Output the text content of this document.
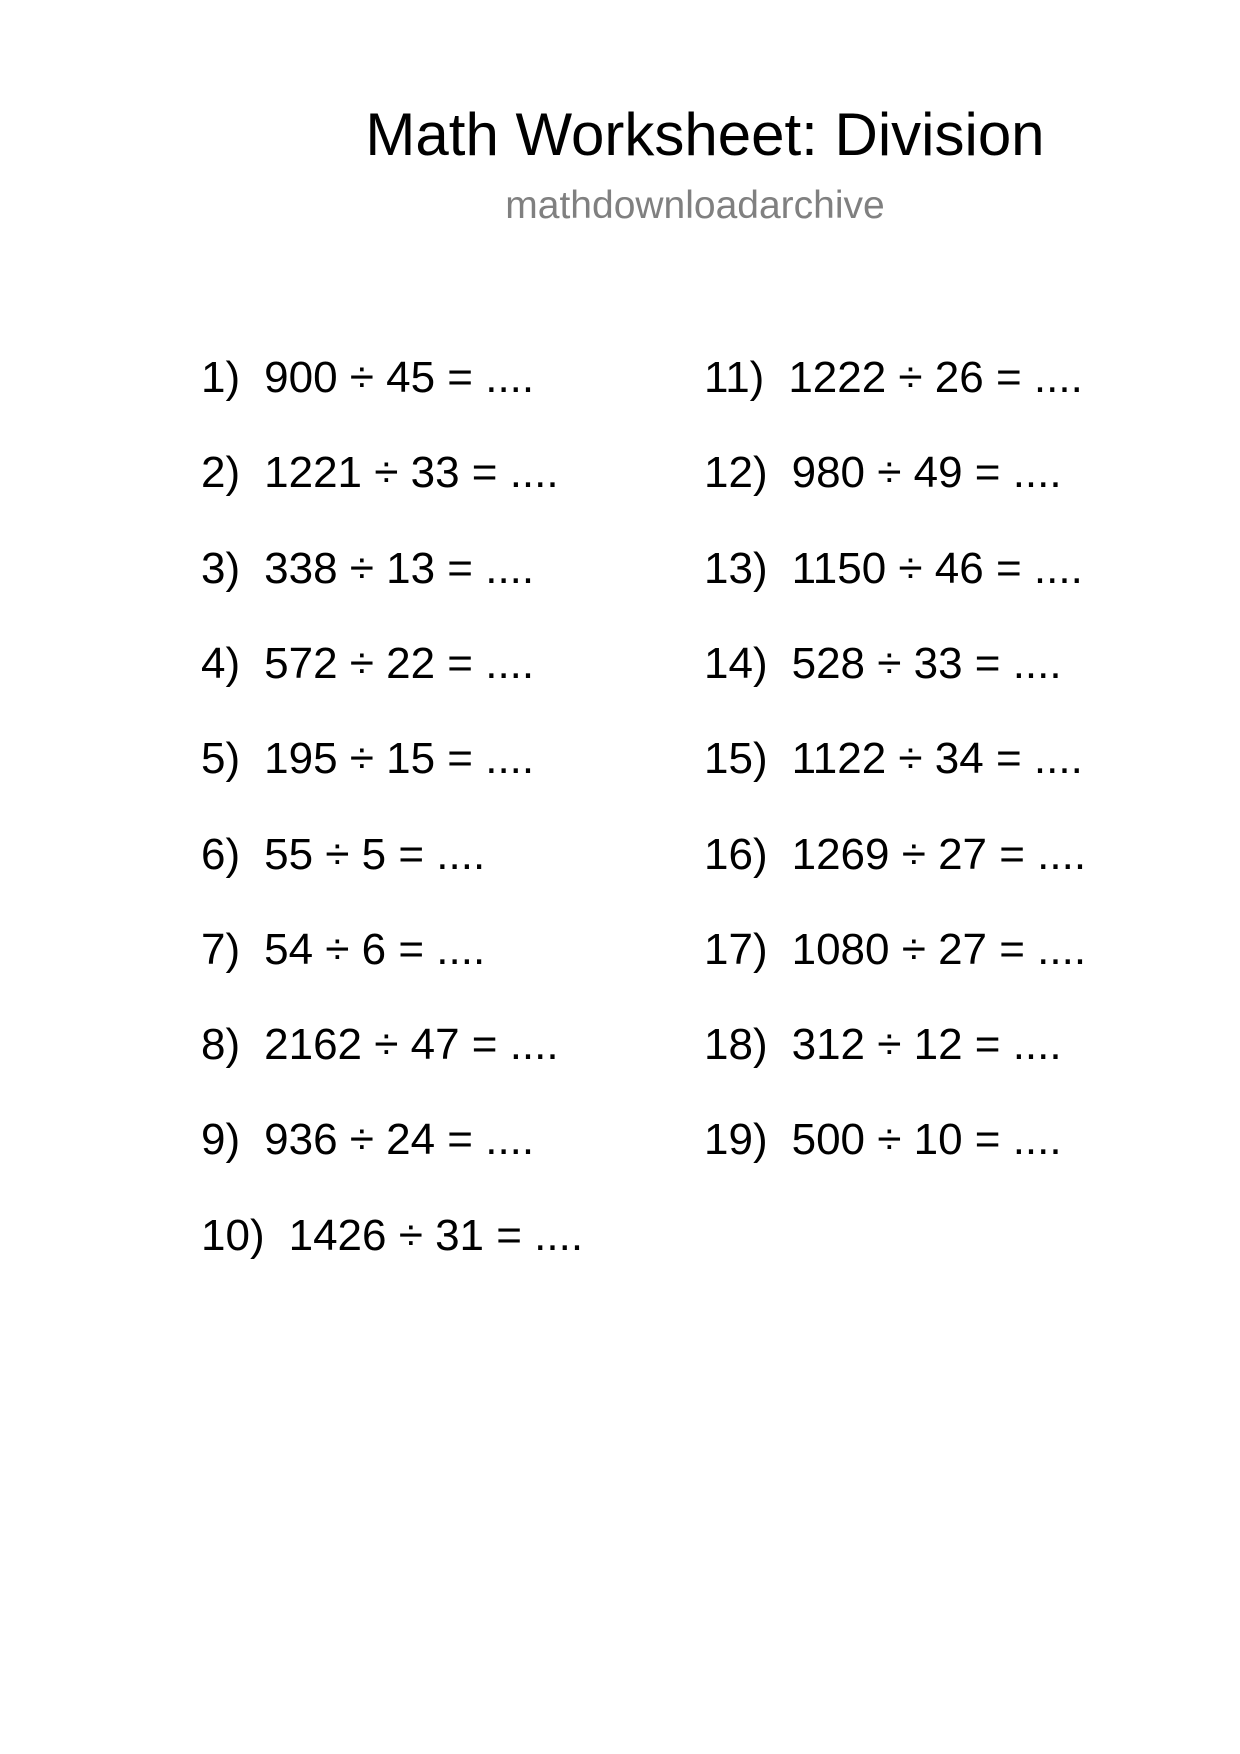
Math Worksheet: Division
mathdownloadarchive
1) 900 ÷ 45 = ....
2) 1221 ÷ 33 = ....
3) 338 ÷ 13 = ....
4) 572 ÷ 22 = ....
5) 195 ÷ 15 = ....
6) 55 ÷ 5 = ....
7) 54 ÷ 6 = ....
8) 2162 ÷ 47 = ....
9) 936 ÷ 24 = ....
10) 1426 ÷ 31 = ....
11) 1222 ÷ 26 = ....
12) 980 ÷ 49 = ....
13) 1150 ÷ 46 = ....
14) 528 ÷ 33 = ....
15) 1122 ÷ 34 = ....
16) 1269 ÷ 27 = ....
17) 1080 ÷ 27 = ....
18) 312 ÷ 12 = ....
19) 500 ÷ 10 = ....
